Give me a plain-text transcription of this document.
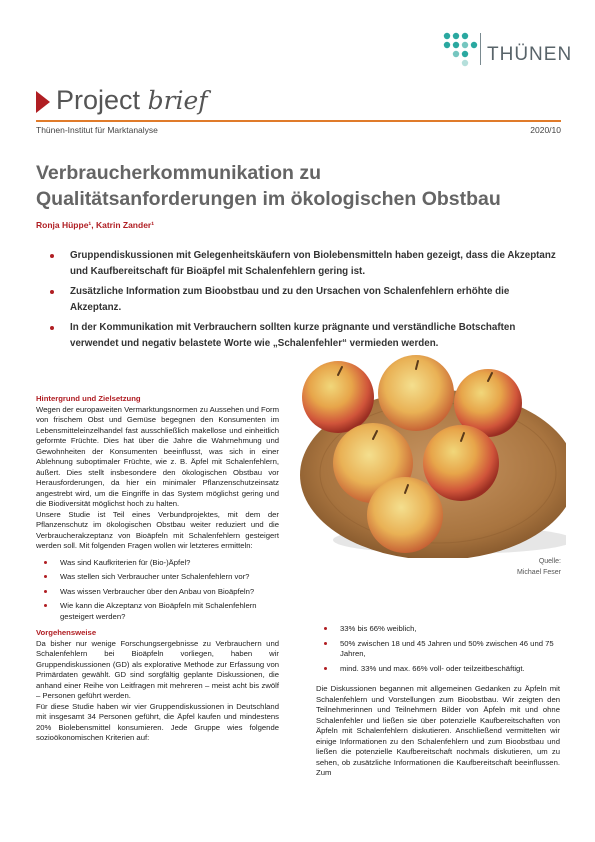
THÜNEN
Project brief
Thünen-Institut für Marktanalyse	2020/10
Verbraucherkommunikation zu
Qualitätsanforderungen im ökologischen Obstbau
Ronja Hüppe¹, Katrin Zander¹
Gruppendiskussionen mit Gelegenheitskäufern von Biolebensmitteln haben gezeigt, dass die Akzeptanz und Kaufbereitschaft für Bioäpfel mit Schalenfehlern gering ist.
Zusätzliche Information zum Bioobstbau und zu den Ursachen von Schalenfehlern erhöhte die Akzeptanz.
In der Kommunikation mit Verbrauchern sollten kurze prägnante und verständliche Botschaften verwendet und negativ belastete Worte wie „Schalenfehler“ vermieden werden.
Quelle:
Michael Feser
Hintergrund und Zielsetzung

Wegen der europaweiten Vermarktungsnormen zu Aussehen und Form von frischem Obst und Gemüse begegnen den Konsumenten im Lebensmitteleinzelhandel fast ausschließlich makellose und einheitlich geformte Früchte. Dies hat über die Jahre die Wahrnehmung und Gewohnheiten der Konsumenten beeinflusst, was sich in einer Ablehnung suboptimaler Früchte, wie z. B. Äpfel mit Schalenfehlern, äußert. Dies stellt insbesondere den ökologischen Obstbau vor Herausforderungen, da hier ein minimaler Pflanzenschutzeinsatz angestrebt wird, um die Eingriffe in das System möglichst gering und die Biodiversität möglichst hoch zu halten.

Unsere Studie ist Teil eines Verbundprojektes, mit dem der Pflanzenschutz im ökologischen Obstbau weiter reduziert und die Verbraucherakzeptanz von Bioäpfeln mit Schalenfehlern gesteigert werden soll. Mit folgenden Fragen wollen wir letzteres ermitteln:

Was sind Kaufkriterien für (Bio-)Äpfel?
Was stellen sich Verbraucher unter Schalenfehlern vor?
Was wissen Verbraucher über den Anbau von Bioäpfeln?
Wie kann die Akzeptanz von Bioäpfeln mit Schalenfehlern gesteigert werden?
Vorgehensweise

Da bisher nur wenige Forschungsergebnisse zu Verbrauchern und Schalenfehlern bei Bioäpfeln vorliegen, haben wir Gruppendiskussionen (GD) als explorative Methode zur Erfassung von Primärdaten gewählt. GD sind sorgfältig geplante Diskussionen, die anhand einer Reihe von Leitfragen mit mehreren – meist acht bis zwölf – Personen geführt werden.

Für diese Studie haben wir vier Gruppendiskussionen in Deutschland mit insgesamt 34 Personen geführt, die Äpfel kaufen und mindestens 20% Biolebensmittel konsumieren. Jede Gruppe wies folgende sozioökonomischen Kriterien auf:

33% bis 66% weiblich,
50% zwischen 18 und 45 Jahren und 50% zwischen 46 und 75 Jahren,
mind. 33% und max. 66% voll- oder teilzeitbeschäftigt.

Die Diskussionen begannen mit allgemeinen Gedanken zu Äpfeln mit Schalenfehlern und Vorstellungen zum Bioobstbau. Wir zeigten den Teilnehmerinnen und Teilnehmern Bilder von Äpfeln mit und ohne Schalenfehler und ließen sie über potenzielle Kaufbereitschaften von Äpfeln mit Schalenfehlern diskutieren. Anschließend vermittelten wir einige Informationen zu den Schalenfehlern und zum Bioobstbau und ließen die potenzielle Kaufbereitschaft nochmals diskutieren, um zu sehen, ob zusätzliche Informationen die Kaufbereitschaft beeinflussen. Zum
